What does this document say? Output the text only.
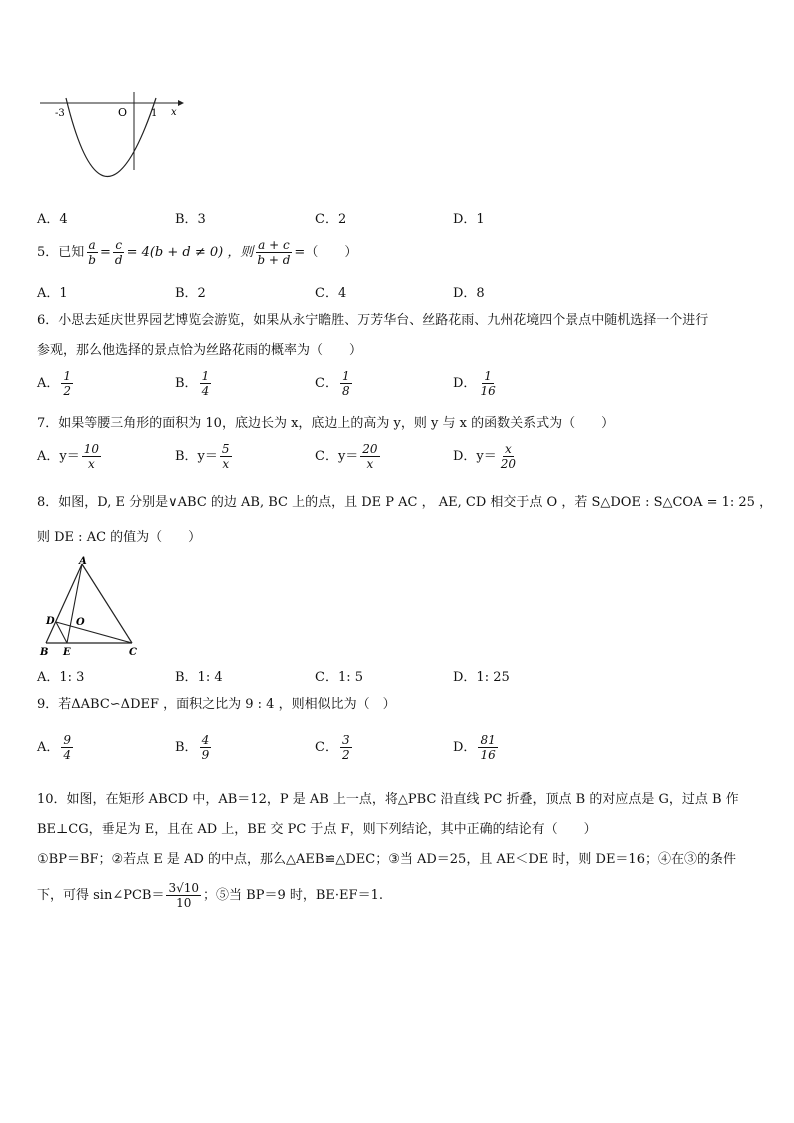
-3	O 1 x
A．4	B．3	C．2	D．1
5．已知 $\frac{a}{b} = \frac{c}{d} = 4(b + d \ne 0)$ ，则 $\frac{a + c}{b + d}$ =（　　）
A．1	B．2	C．4	D．8
6．小思去延庆世界园艺博览会游览，如果从永宁瞻胜、万芳华台、丝路花雨、九州花境四个景点中随机选择一个进行
参观，那么他选择的景点恰为丝路花雨的概率为（　　）
A． $\frac{1}{2}$	B． $\frac{1}{4}$	C． $\frac{1}{8}$	D． $\frac{1}{16}$
7．如果等腰三角形的面积为 10，底边长为 x，底边上的高为 y，则 y 与 x 的函数关系式为（　　）
A．$y= \frac{10}{x}$	B．$y= \frac{5}{x}$	C．$y= \frac{20}{x}$	D．$y= \frac{x}{20}$
8．如图，D, E 分别是∨ABC 的边 AB, BC 上的点，且 DE P AC ， AE, CD 相交于点 O ，若 S△DOE : S△COA = 1: 25 ，
则 DE : AC 的值为（　　）
A
D O
B E	C
A．1: 3	B．1: 4	C．1: 5	D．1: 25
9．若ΔABC∽ΔDEF ，面积之比为 9 : 4 ，则相似比为（　）
A． $\frac{9}{4}$	B． $\frac{4}{9}$	C． $\frac{3}{2}$	D． $\frac{81}{16}$
10．如图，在矩形 ABCD 中，AB＝12，P 是 AB 上一点，将△PBC 沿直线 PC 折叠，顶点 B 的对应点是 G，过点 B 作
BE⊥CG，垂足为 E，且在 AD 上，BE 交 PC 于点 F，则下列结论，其中正确的结论有（　　）
①BP＝BF；②若点 E 是 AD 的中点，那么△AEB≌△DEC；③当 AD＝25，且 AE＜DE 时，则 DE＝16；④在③的条件
下，可得 sin∠PCB＝ $\frac{3√10}{10}$ ；⑤当 BP＝9 时，BE·EF＝1.
